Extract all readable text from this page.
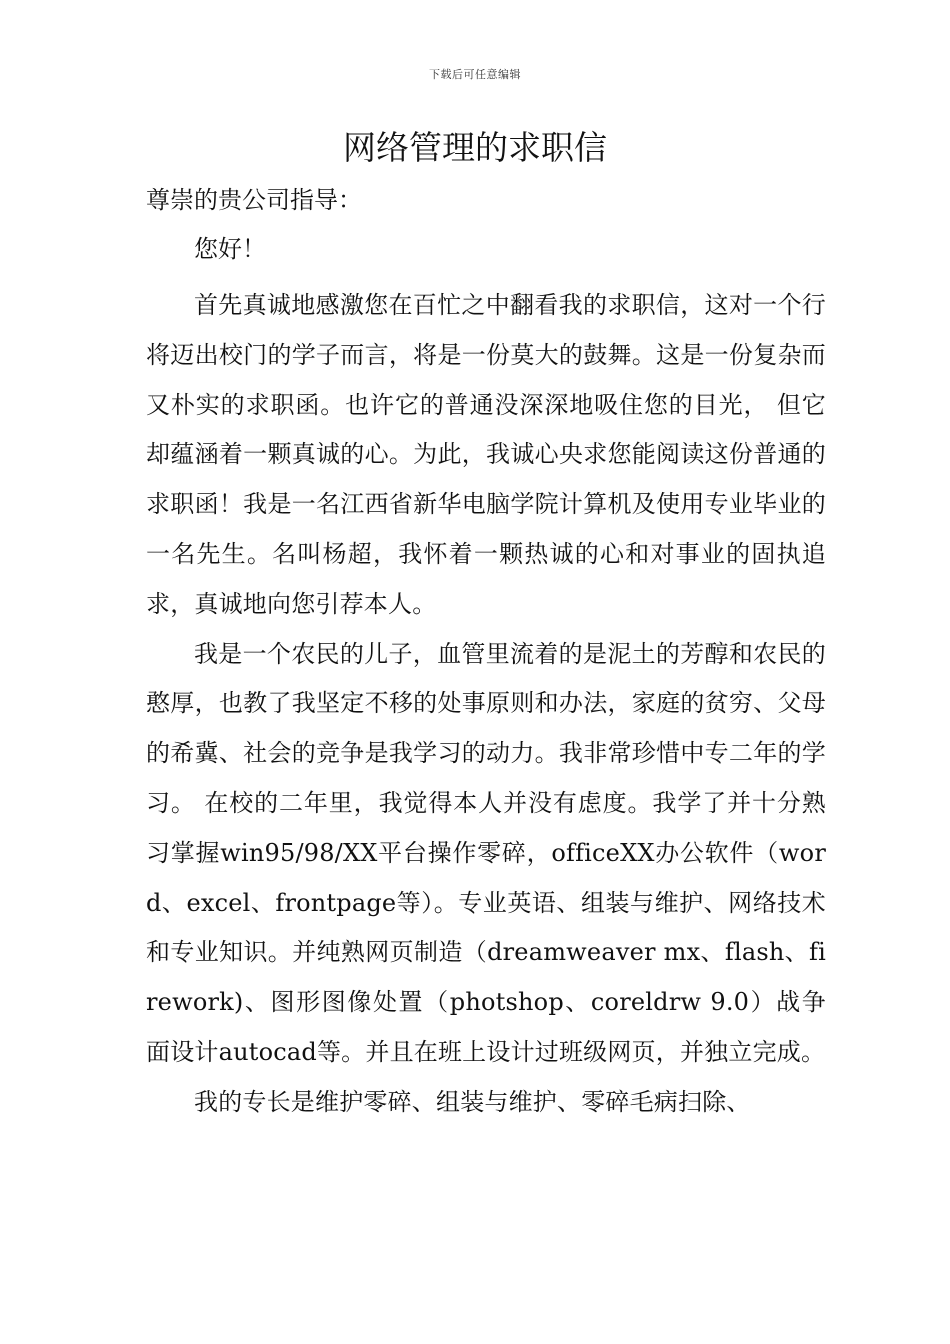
下载后可任意编辑
网络管理的求职信

尊崇的贵公司指导：

您好！

首先真诚地感激您在百忙之中翻看我的求职信，这对一个行将迈出校门的学子而言，将是一份莫大的鼓舞。这是一份复杂而又朴实的求职函。也许它的普通没深深地吸住您的目光， 但它却蕴涵着一颗真诚的心。为此，我诚心央求您能阅读这份普通的求职函！我是一名江西省新华电脑学院计算机及使用专业毕业的一名先生。名叫杨超，我怀着一颗热诚的心和对事业的固执追求，真诚地向您引荐本人。

我是一个农民的儿子，血管里流着的是泥土的芳醇和农民的憨厚，也教了我坚定不移的处事原则和办法，家庭的贫穷、父母的希冀、社会的竞争是我学习的动力。我非常珍惜中专二年的学习。 在校的二年里，我觉得本人并没有虑度。我学了并十分熟习掌握win95/98/XX平台操作零碎，officeXX办公软件（word、excel、frontpage等）。专业英语、组装与维护、网络技术和专业知识。并纯熟网页制造（dreamweaver mx、flash、firework)、图形图像处置（photshop、coreldrw 9.0）战争面设计autocad等。并且在班上设计过班级网页，并独立完成。

我的专长是维护零碎、组装与维护、零碎毛病扫除、
